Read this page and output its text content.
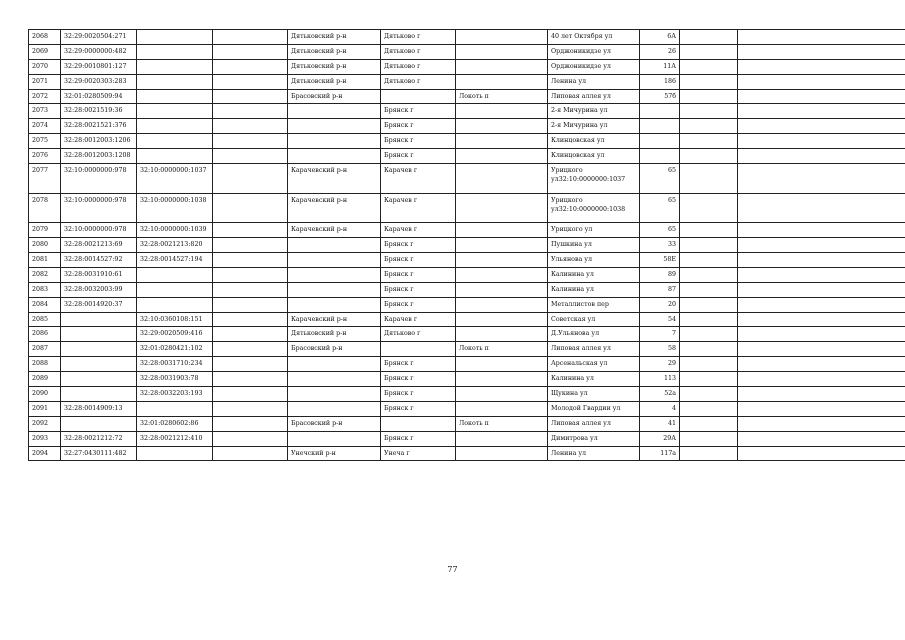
2068	32:29:0020504:271			Дятьковский р-н	Дятьково г		40 лет Октября ул	6А		
2069	32:29:0000000:482			Дятьковский р-н	Дятьково г		Орджоникидзе ул	26		
2070	32:29:0010801:127			Дятьковский р-н	Дятьково г		Орджоникидзе ул	11А		
2071	32:29:0020303:283			Дятьковский р-н	Дятьково г		Ленина ул	186		
2072	32:01:0280509:94			Брасовский р-н		Локоть п	Липовая аллея ул	57б		
2073	32:28:0021519:36				Брянск г		2-я Мичурина ул			
2074	32:28:0021521:376				Брянск г		2-я Мичурина ул			
2075	32:28:0012003:1206				Брянск г		Клинцовская ул			
2076	32:28:0012003:1208				Брянск г		Клинцовская ул			
2077	32:10:0000000:978	32:10:0000000:1037		Карачевский р-н	Карачев г		Урицкого ул32:10:0000000:1037	65		
2078	32:10:0000000:978	32:10:0000000:1038		Карачевский р-н	Карачев г		Урицкого ул32:10:0000000:1038	65		
2079	32:10:0000000:978	32:10:0000000:1039		Карачевский р-н	Карачев г		Урицкого ул	65		
2080	32:28:0021213:69	32:28:0021213:820			Брянск г		Пушкина ул	33		
2081	32:28:0014527:92	32:28:0014527:194			Брянск г		Ульянова ул	58Е		
2082	32:28:0031910:61				Брянск г		Калинина ул	89		
2083	32:28:0032003:99				Брянск г		Калинина ул	87		
2084	32:28:0014920:37				Брянск г		Металлистов пер	20		
2085		32:10:0360108:151		Карачевский р-н	Карачев г		Советская ул	54		
2086		32:29:0020509:416		Дятьковский р-н	Дятьково г		Д.Ульянова ул	7		
2087		32:01:0280421:102		Брасовский р-н		Локоть п	Липовая аллея ул	58		
2088		32:28:0031710:234			Брянск г		Арсенальская ул	29		
2089		32:28:0031903:78			Брянск г		Калинина ул	113		
2090		32:28:0032203:193			Брянск г		Щукина ул	52а		
2091	32:28:0014909:13				Брянск г		Молодой Гвардии ул	4		
2092		32:01:0280602:86		Брасовский р-н		Локоть п	Липовая аллея ул	41		
2093	32:28:0021212:72	32:28:0021212:410			Брянск г		Димитрова ул	29А		
2094	32:27:0430111:482			Унечский р-н	Унеча г		Ленина ул	117а		
77
